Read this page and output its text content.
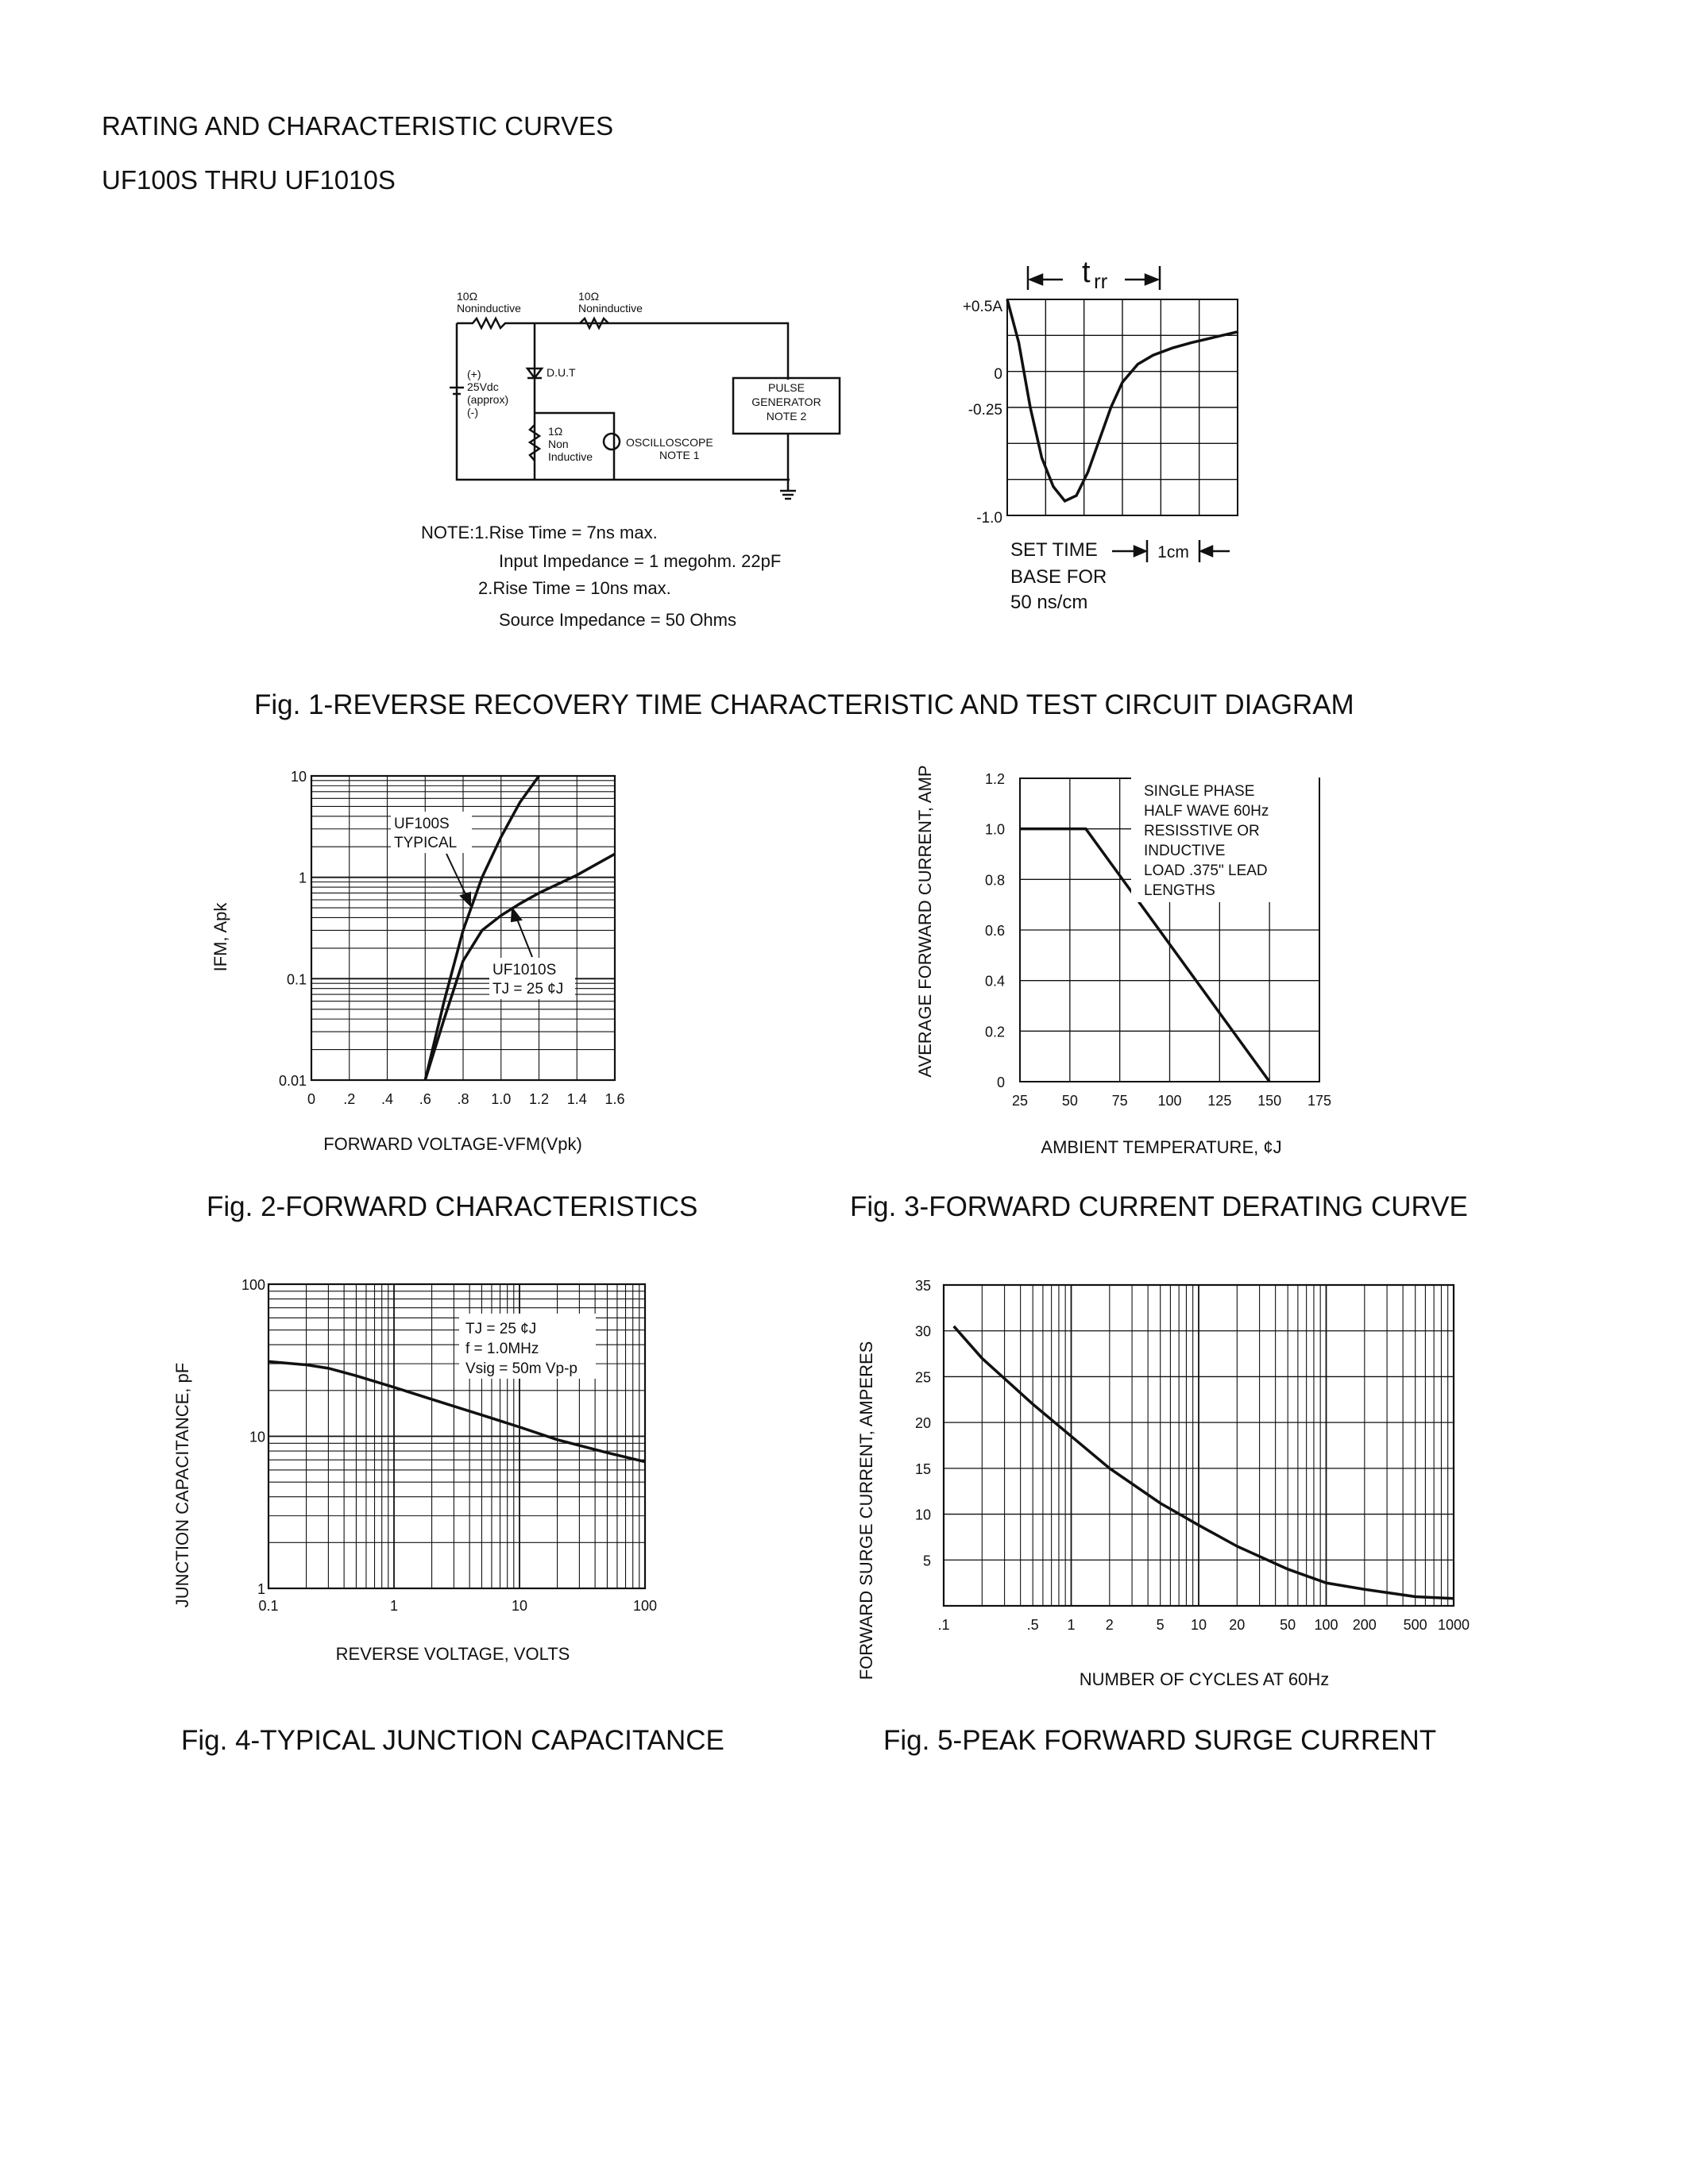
RATING AND CHARACTERISTIC CURVES
UF100S THRU UF1010S
10Ω
Noninductive
10Ω
Noninductive
(+)
25Vdc
(approx)
(-)
D.U.T
1Ω
Non
Inductive
OSCILLOSCOPE
NOTE 1
PULSE
GENERATOR
NOTE 2
NOTE:1.Rise Time = 7ns max.
Input Impedance = 1 megohm. 22pF
2.Rise Time = 10ns max.
Source Impedance = 50 Ohms
t rr
+0.5A
0
-0.25
-1.0
SET TIME
BASE FOR
50 ns/cm
1cm
0 .2 .4 .6 .8 1.0 1.2 1.4 1.6
10
1
0.1
0.01
UF100S
TYPICAL
UF1010S
TJ = 25 ¢J
IFM, Apk
FORWARD VOLTAGE-VFM(Vpk)
25 50 75 100 125 150 175
1.2
1.0
0.8
0.6
0.4
0.2
0
SINGLE PHASE
HALF WAVE 60Hz
RESISSTIVE OR
INDUCTIVE
LOAD .375" LEAD
LENGTHS
AVERAGE FORWARD CURRENT, AMP
AMBIENT TEMPERATURE, ¢J
0.1	1	10	100
100
10
1
TJ = 25 ¢J
f = 1.0MHz
Vsig = 50m Vp-p
JUNCTION CAPACITANCE, pF
REVERSE VOLTAGE, VOLTS
.1	.5 1 2	5 10 20 50 100 200 500 1000
35
30
25
20
15
10
5
FORWARD SURGE CURRENT, AMPERES	NUMBER OF CYCLES AT 60Hz
Fig. 1-REVERSE RECOVERY TIME CHARACTERISTIC AND TEST CIRCUIT DIAGRAM
Fig. 2-FORWARD CHARACTERISTICS	Fig. 3-FORWARD CURRENT DERATING CURVE
Fig. 4-TYPICAL JUNCTION CAPACITANCE	Fig. 5-PEAK FORWARD SURGE CURRENT
